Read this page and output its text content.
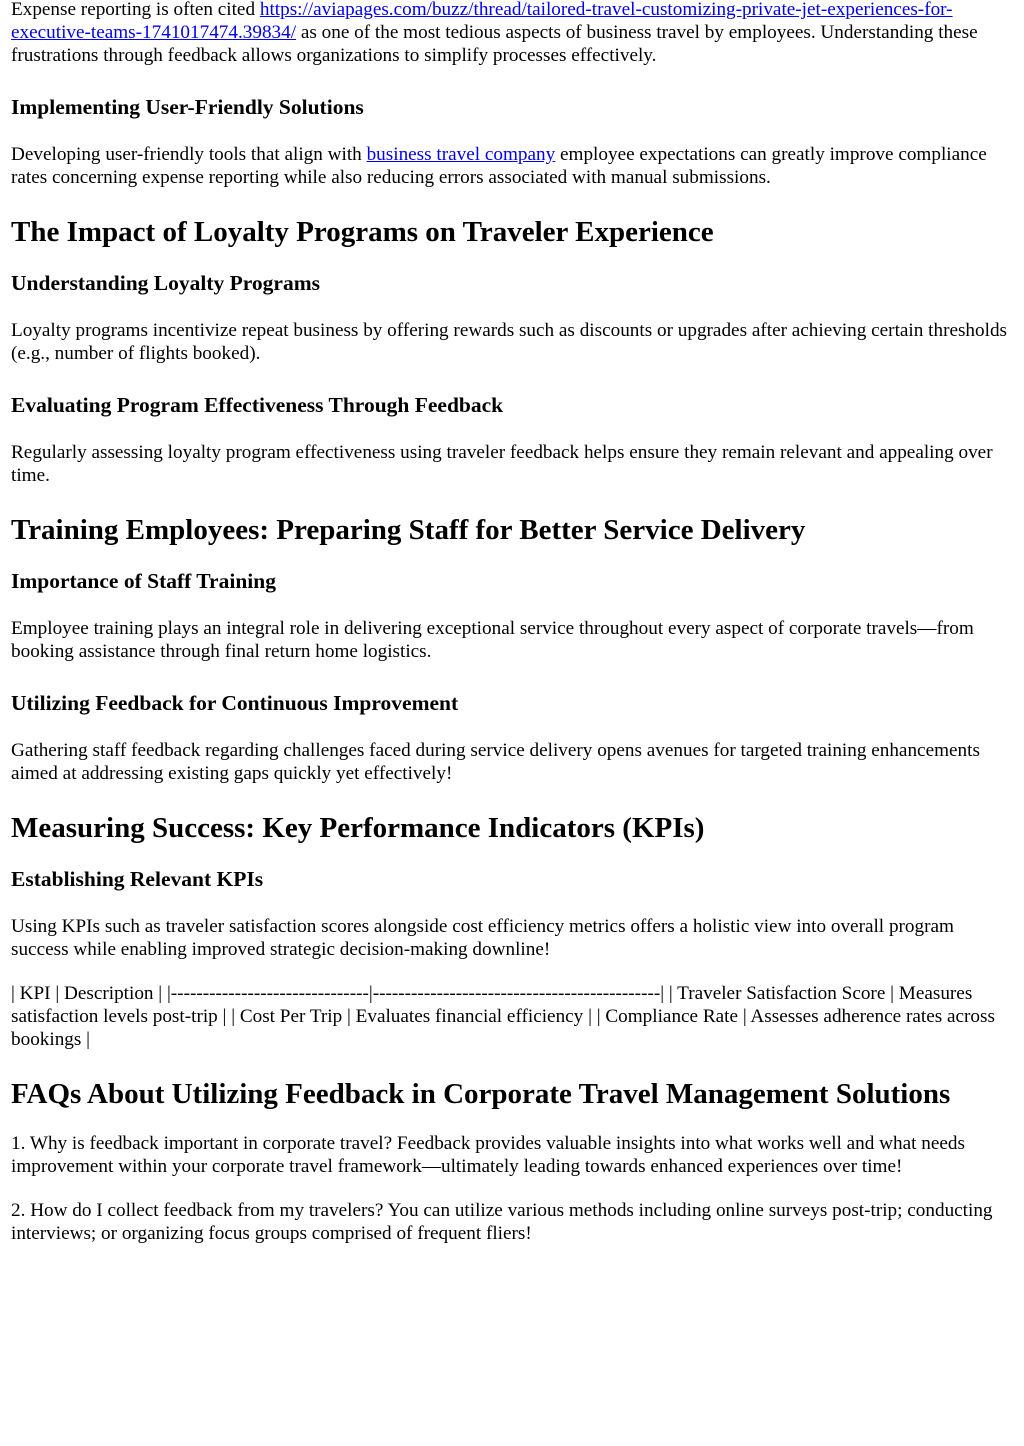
Expense reporting is often cited https://aviapages.com/buzz/thread/tailored-travel-customizing-private-jet-experiences-for-executive-teams-1741017474.39834/ as one of the most tedious aspects of business travel by employees. Understanding these frustrations through feedback allows organizations to simplify processes effectively.

Implementing User-Friendly Solutions

Developing user-friendly tools that align with business travel company employee expectations can greatly improve compliance rates concerning expense reporting while also reducing errors associated with manual submissions.

The Impact of Loyalty Programs on Traveler Experience
Understanding Loyalty Programs

Loyalty programs incentivize repeat business by offering rewards such as discounts or upgrades after achieving certain thresholds (e.g., number of flights booked).

Evaluating Program Effectiveness Through Feedback

Regularly assessing loyalty program effectiveness using traveler feedback helps ensure they remain relevant and appealing over time.

Training Employees: Preparing Staff for Better Service Delivery
Importance of Staff Training

Employee training plays an integral role in delivering exceptional service throughout every aspect of corporate travels—from booking assistance through final return home logistics.

Utilizing Feedback for Continuous Improvement

Gathering staff feedback regarding challenges faced during service delivery opens avenues for targeted training enhancements aimed at addressing existing gaps quickly yet effectively!

Measuring Success: Key Performance Indicators (KPIs)
Establishing Relevant KPIs

Using KPIs such as traveler satisfaction scores alongside cost efficiency metrics offers a holistic view into overall program success while enabling improved strategic decision-making downline!

| KPI | Description | |-------------------------------|---------------------------------------------| | Traveler Satisfaction Score | Measures satisfaction levels post-trip | | Cost Per Trip | Evaluates financial efficiency | | Compliance Rate | Assesses adherence rates across bookings |

FAQs About Utilizing Feedback in Corporate Travel Management Solutions

1. Why is feedback important in corporate travel? Feedback provides valuable insights into what works well and what needs improvement within your corporate travel framework—ultimately leading towards enhanced experiences over time!

2. How do I collect feedback from my travelers? You can utilize various methods including online surveys post-trip; conducting interviews; or organizing focus groups comprised of frequent fliers!
